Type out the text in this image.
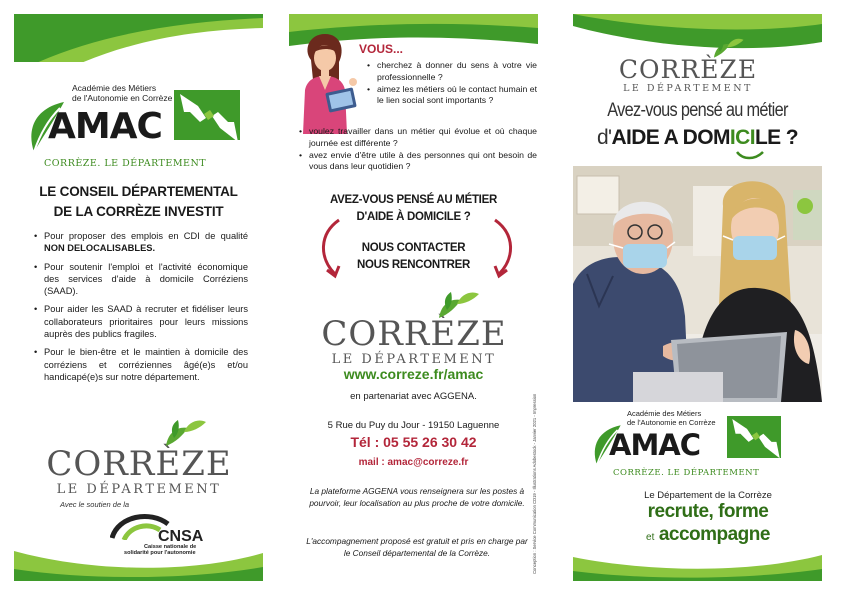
Académie des Métiers
de l'Autonomie en Corrèze
AMAC
CORRÈZE. LE DÉPARTEMENT
LE CONSEIL DÉPARTEMENTAL
DE LA CORRÈZE INVESTIT
• Pour proposer des emplois en CDI de qualité NON DELOCALISABLES.
• Pour soutenir l'emploi et l'activité économique des services d'aide à domicile Corréziens (SAAD).
• Pour aider les SAAD à recruter et fidéliser leurs collaborateurs prioritaires pour leurs missions auprès des publics fragiles.
• Pour le bien-être et le maintien à domicile des corréziens et corréziennes âgé(e)s et/ou handicapé(e)s sur notre département.
CORRÈZE
LE DÉPARTEMENT
Avec le soutien de la
CNSA
Caisse nationale de
solidarité pour l'autonomie
VOUS...
• cherchez à donner du sens à votre vie professionnelle ?
• aimez les métiers où le contact humain et le lien social sont importants ?
• voulez travailler dans un métier qui évolue et où chaque journée est différente ?
• avez envie d'être utile à des personnes qui ont besoin de vous dans leur quotidien ?
AVEZ-VOUS PENSÉ AU MÉTIER
D'AIDE À DOMICILE ?
NOUS CONTACTER
NOUS RENCONTRER
CORRÈZE
LE DÉPARTEMENT
www.correze.fr/amac
en partenariat avec AGGENA.
5 Rue du Puy du Jour - 19150 Laguenne
Tél : 05 55 26 30 42
mail : amac@correze.fr
La plateforme AGGENA vous renseignera sur les postes à pourvoir, leur localisation au plus proche de votre domicile.
L'accompagnement proposé est gratuit et pris en charge par le Conseil départemental de la Corrèze.	Conception : Service Communication CD19 - Illustrations Adobestock - Janvier 2021 - Impression
CORRÈZE
LE DÉPARTEMENT
Avez-vous pensé au métier
d'AIDE A DOMICILE ?
Académie des Métiers
de l'Autonomie en Corrèze
AMAC
CORRÈZE. LE DÉPARTEMENT
Le Département de la Corrèze
recrute, forme
et accompagne
